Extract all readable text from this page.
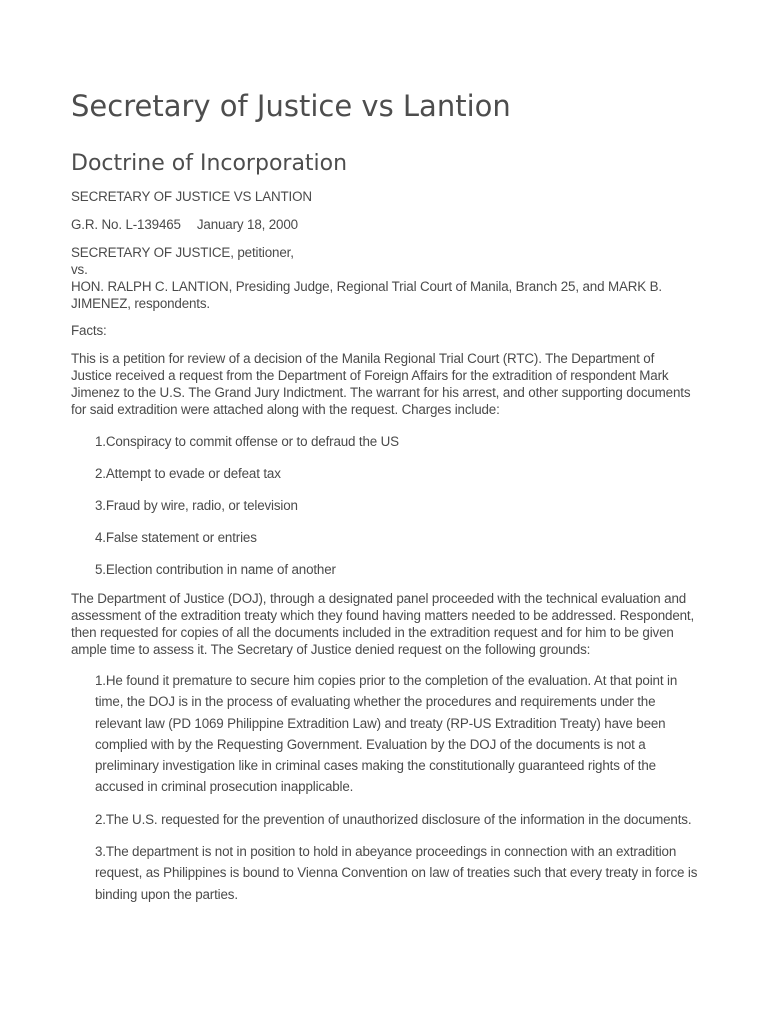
Secretary of Justice vs Lantion
Doctrine of Incorporation

SECRETARY OF JUSTICE VS LANTION

G.R. No. L-139465 January 18, 2000

SECRETARY OF JUSTICE, petitioner,
vs.
HON. RALPH C. LANTION, Presiding Judge, Regional Trial Court of Manila, Branch 25, and MARK B. JIMENEZ, respondents.

Facts:

This is a petition for review of a decision of the Manila Regional Trial Court (RTC). The Department of Justice received a request from the Department of Foreign Affairs for the extradition of respondent Mark Jimenez to the U.S. The Grand Jury Indictment. The warrant for his arrest, and other supporting documents for said extradition were attached along with the request. Charges include:

1.Conspiracy to commit offense or to defraud the US

2.Attempt to evade or defeat tax

3.Fraud by wire, radio, or television

4.False statement or entries

5.Election contribution in name of another

The Department of Justice (DOJ), through a designated panel proceeded with the technical evaluation and assessment of the extradition treaty which they found having matters needed to be addressed. Respondent, then requested for copies of all the documents included in the extradition request and for him to be given ample time to assess it. The Secretary of Justice denied request on the following grounds:

1.He found it premature to secure him copies prior to the completion of the evaluation. At that point in time, the DOJ is in the process of evaluating whether the procedures and requirements under the relevant law (PD 1069 Philippine Extradition Law) and treaty (RP-US Extradition Treaty) have been complied with by the Requesting Government. Evaluation by the DOJ of the documents is not a preliminary investigation like in criminal cases making the constitutionally guaranteed rights of the accused in criminal prosecution inapplicable.

2.The U.S. requested for the prevention of unauthorized disclosure of the information in the documents.

3.The department is not in position to hold in abeyance proceedings in connection with an extradition request, as Philippines is bound to Vienna Convention on law of treaties such that every treaty in force is binding upon the parties.
